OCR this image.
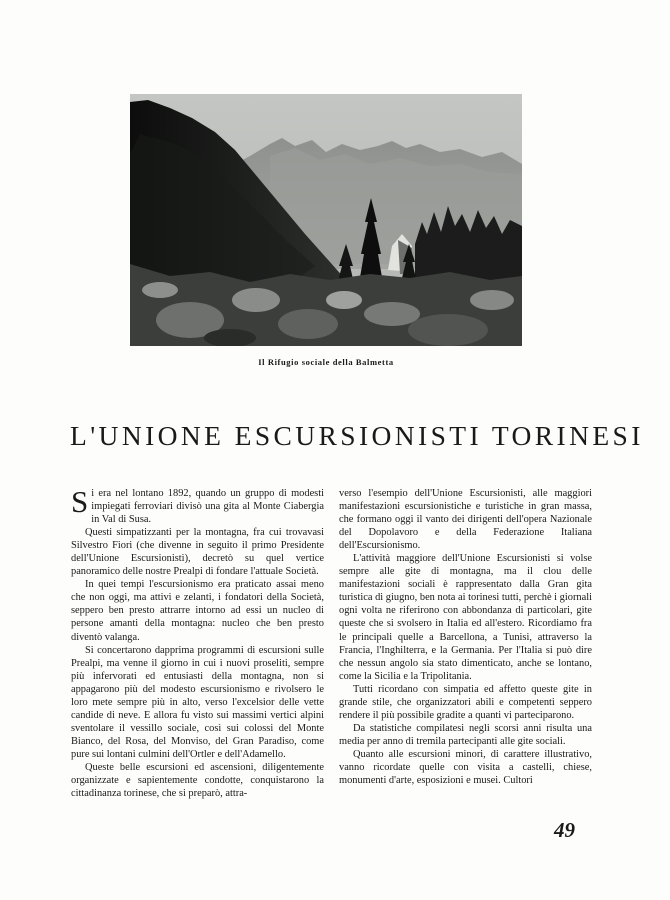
Il Rifugio sociale della Balmetta
L'UNIONE ESCURSIONISTI TORINESI

Si era nel lontano 1892, quando un gruppo di modesti impiegati ferroviari divisò una gita al Monte Ciabergia in Val di Susa.

Questi simpatizzanti per la montagna, fra cui trovavasi Silvestro Fiori (che divenne in seguito il primo Presidente dell'Unione Escursionisti), decretò su quel vertice panoramico delle nostre Prealpi di fondare l'attuale Società.

In quei tempi l'escursionismo era praticato assai meno che non oggi, ma attivi e zelanti, i fondatori della Società, seppero ben presto attrarre intorno ad essi un nucleo di persone amanti della montagna: nucleo che ben presto diventò valanga.

Si concertarono dapprima programmi di escursioni sulle Prealpi, ma venne il giorno in cui i nuovi proseliti, sempre più infervorati ed entusiasti della montagna, non si appagarono più del modesto escursionismo e rivolsero le loro mete sempre più in alto, verso l'excelsior delle vette candide di neve. E allora fu visto sui massimi vertici alpini sventolare il vessillo sociale, così sui colossi del Monte Bianco, del Rosa, del Monviso, del Gran Paradiso, come pure sui lontani culmini dell'Ortler e dell'Adamello.

Queste belle escursioni ed ascensioni, diligentemente organizzate e sapientemente condotte, conquistarono la cittadinanza torinese, che si preparò, attra-

verso l'esempio dell'Unione Escursionisti, alle maggiori manifestazioni escursionistiche e turistiche in gran massa, che formano oggi il vanto dei dirigenti dell'opera Nazionale del Dopolavoro e della Federazione Italiana dell'Escursionismo.

L'attività maggiore dell'Unione Escursionisti si volse sempre alle gite di montagna, ma il clou delle manifestazioni sociali è rappresentato dalla Gran gita turistica di giugno, ben nota ai torinesi tutti, perchè i giornali ogni volta ne riferirono con abbondanza di particolari, gite queste che si svolsero in Italia ed all'estero. Ricordiamo fra le principali quelle a Barcellona, a Tunisi, attraverso la Francia, l'Inghilterra, e la Germania. Per l'Italia si può dire che nessun angolo sia stato dimenticato, anche se lontano, come la Sicilia e la Tripolitania.

Tutti ricordano con simpatia ed affetto queste gite in grande stile, che organizzatori abili e competenti seppero rendere il più possibile gradite a quanti vi parteciparono.

Da statistiche compilatesi negli scorsi anni risulta una media per anno di tremila partecipanti alle gite sociali.

Quanto alle escursioni minori, di carattere illustrativo, vanno ricordate quelle con visita a castelli, chiese, monumenti d'arte, esposizioni e musei. Cultori

49
